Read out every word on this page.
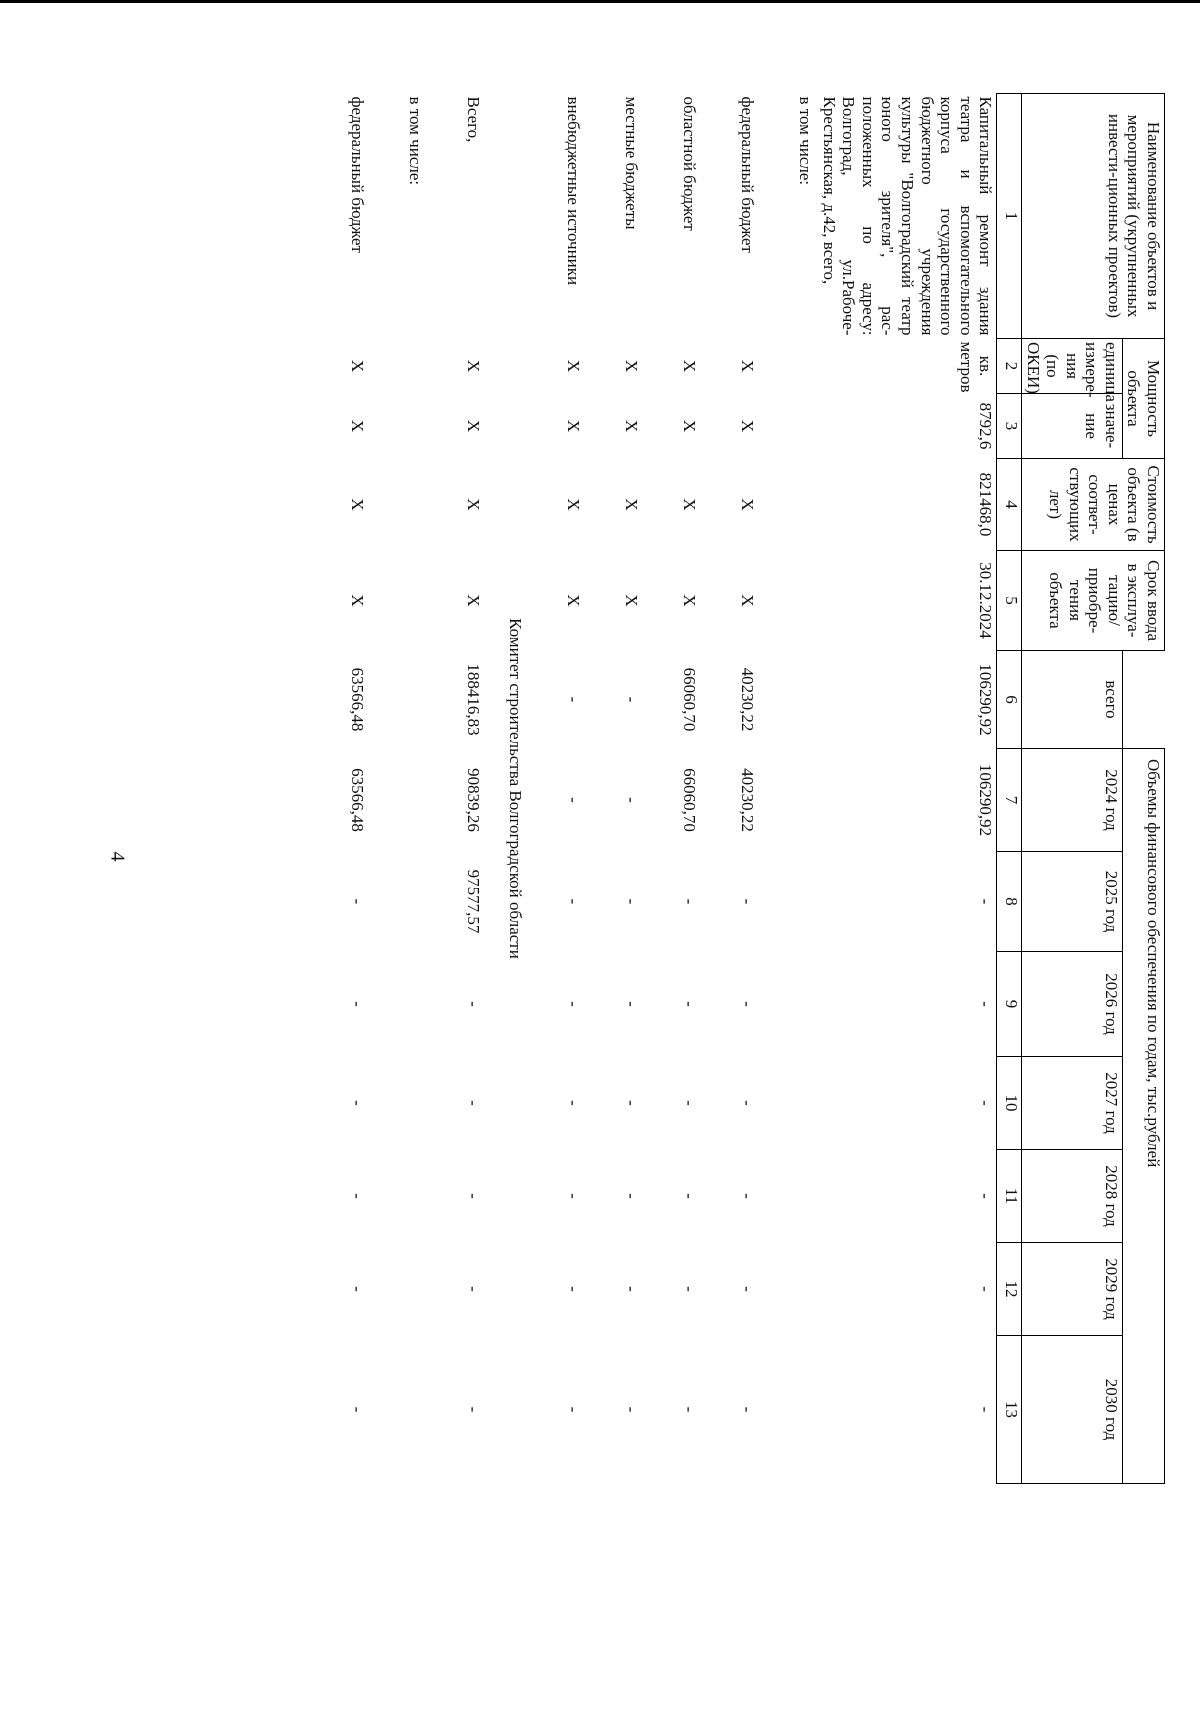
4
Наименование объектов и мероприятий (укрупненных инвести-ционных проектов)	Мощность объекта		Стоимость объекта (в ценах соответ-ствующих лет)	Срок ввода в эксплуа-тацию/ приобре-тения объекта		Объемы финансового обеспечения по годам, тыс.рублей						
	единица измере-ния (по ОКЕИ)	значе-ние			всего	2024 год	2025 год	2026 год	2027 год	2028 год	2029 год	2030 год
1	2	3	4	5	6	7	8	9	10	11	12	13
Капитальный ремонт здания театра и вспомогательного корпуса государственного бюджетного учреждения культуры "Волгоградский театр юного зрителя", рас-положенных по адресу: Волгоград, ул.Рабоче-Крестьянская, д.42, всего,	кв. метров	8792,6	821468,0	30.12.2024	106290,92	106290,92	-	-	-	-	-	-
в том числе:												
федеральный бюджет	X	X	X	X	40230,22	40230,22	-	-	-	-	-	-
областной бюджет	X	X	X	X	66060,70	66060,70	-	-	-	-	-	-
местные бюджеты	X	X	X	X	-	-	-	-	-	-	-	-
внебюджетные источники	X	X	X	X	-	-	-	-	-	-	-	-
Комитет строительства Волгоградской области												
Всего,	X	X	X	X	188416,83	90839,26	97577,57	-	-	-	-	-
в том числе:												
федеральный бюджет	X	X	X	X	63566,48	63566,48	-	-	-	-	-	-
